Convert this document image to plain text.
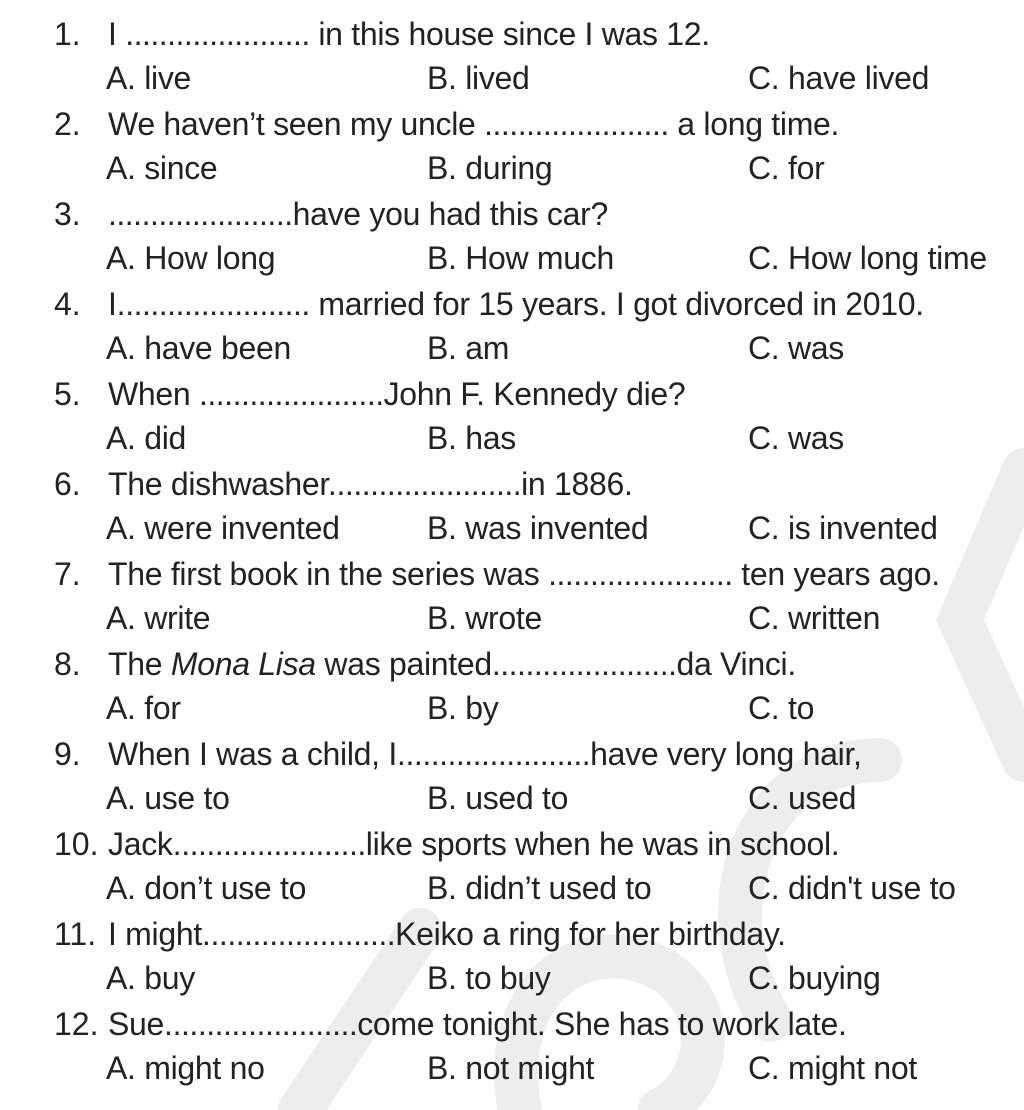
VIETJACK
1. I ...................... in this house since I was 12.
A. live	B. lived	C. have lived
2. We haven’t seen my uncle ...................... a long time.
A. since	B. during	C. for
3. ......................have you had this car?
A. How long	B. How much	C. How long time
4. I....................... married for 15 years. I got divorced in 2010.
A. have been	B. am	C. was
5. When ......................John F. Kennedy die?
A. did	B. has	C. was
6. The dishwasher.......................in 1886.
A. were invented	B. was invented	C. is invented
7. The first book in the series was ...................... ten years ago.
A. write	B. wrote	C. written
8. The Mona Lisa was painted......................da Vinci.
A. for	B. by	C. to
9. When I was a child, I.......................have very long hair,
A. use to	B. used to	C. used
10. Jack.......................like sports when he was in school.
A. don’t use to	B. didn’t used to	C. didn't use to
11. I might.......................Keiko a ring for her birthday.
A. buy	B. to buy	C. buying
12. Sue.......................come tonight. She has to work late.
A. might no	B. not might	C. might not
